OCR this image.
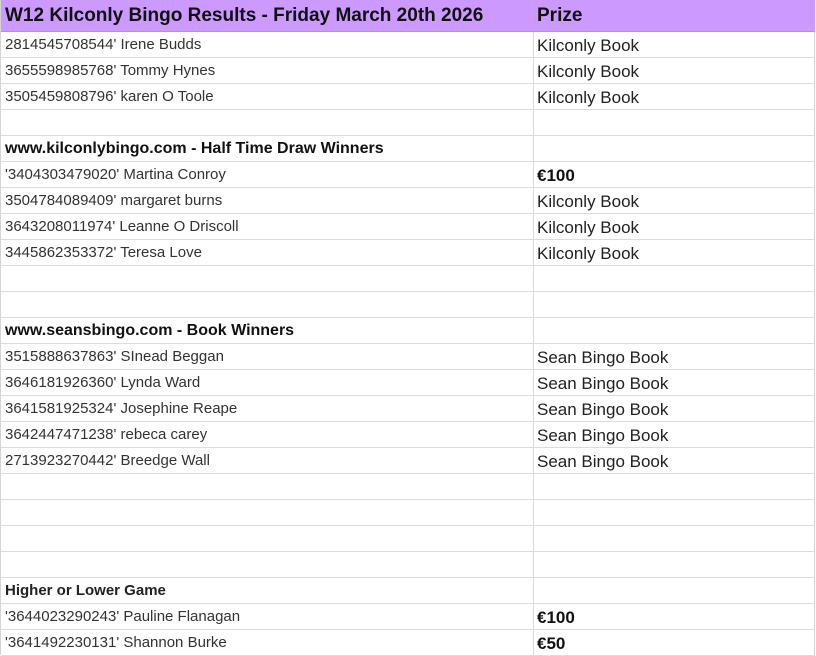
W12 Kilconly Bingo Results - Friday March 20th 2026	Prize
2814545708544' Irene Budds	Kilconly Book
3655598985768' Tommy Hynes	Kilconly Book
3505459808796' karen O Toole	Kilconly Book
www.kilconlybingo.com - Half Time Draw Winners
'3404303479020' Martina Conroy	€100
3504784089409' margaret burns	Kilconly Book
3643208011974' Leanne O Driscoll	Kilconly Book
3445862353372' Teresa Love	Kilconly Book
www.seansbingo.com - Book Winners
3515888637863' SInead Beggan	Sean Bingo Book
3646181926360' Lynda Ward	Sean Bingo Book
3641581925324' Josephine Reape	Sean Bingo Book
3642447471238' rebeca carey	Sean Bingo Book
2713923270442' Breedge Wall	Sean Bingo Book
Higher or Lower Game
'3644023290243' Pauline Flanagan	€100
'3641492230131' Shannon Burke	€50
